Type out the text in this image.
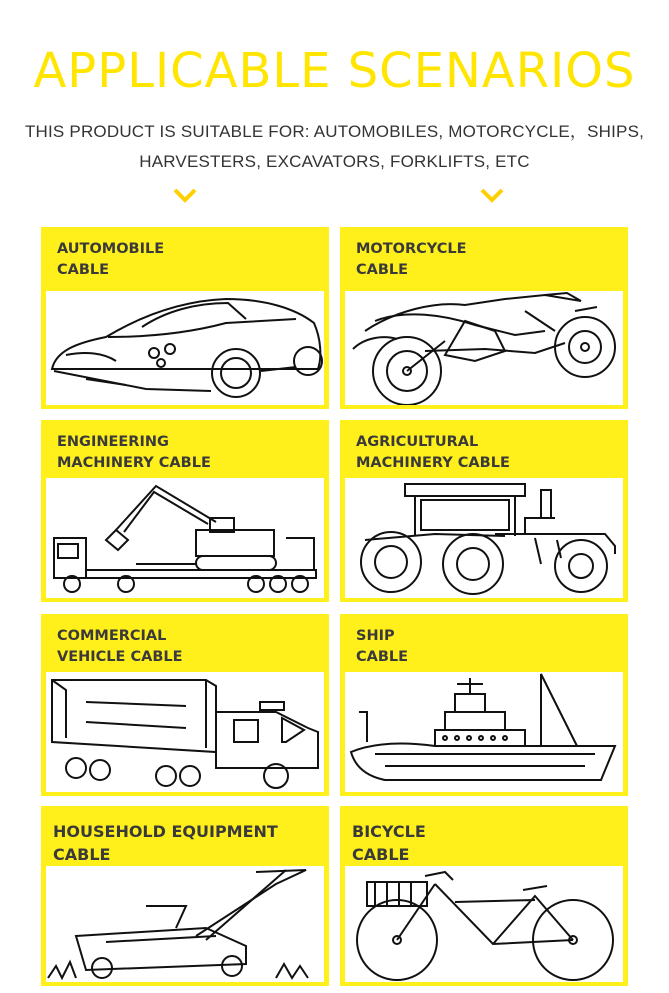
APPLICABLE SCENARIOS
THIS PRODUCT IS SUITABLE FOR: AUTOMOBILES, MOTORCYCLE，SHIPS,
HARVESTERS, EXCAVATORS, FORKLIFTS, ETC
AUTOMOBILE
CABLE
MOTORCYCLE
CABLE
ENGINEERING
MACHINERY CABLE
AGRICULTURAL
MACHINERY CABLE
COMMERCIAL
VEHICLE CABLE
SHIP
CABLE
HOUSEHOLD EQUIPMENT
CABLE
BICYCLE
CABLE
